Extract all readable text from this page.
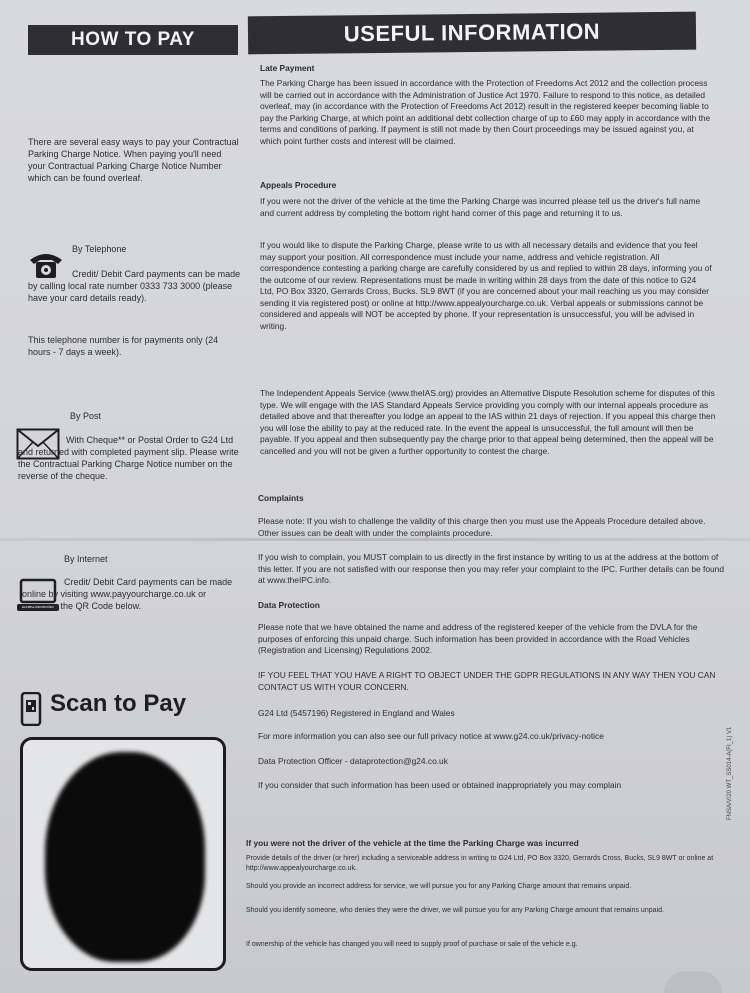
HOW TO PAY	USEFUL INFORMATION
There are several easy ways to pay your Contractual Parking Charge Notice. When paying you'll need your Contractual Parking Charge Notice Number which can be found overleaf.
By Telephone
Credit/ Debit Card payments can be made by calling local rate number 0333 733 3000 (please have your card details ready).
This telephone number is for payments only (24 hours - 7 days a week).
By Post
With Cheque** or Postal Order to G24 Ltd and returned with completed payment slip. Please write the Contractual Parking Charge Notice number on the reverse of the cheque.
By Internet
Credit/ Debit Card payments can be made online by visiting www.payyourcharge.co.uk or scanning the QR Code below.
Scan to Pay
Late Payment
The Parking Charge has been issued in accordance with the Protection of Freedoms Act 2012 and the collection process will be carried out in accordance with the Administration of Justice Act 1970. Failure to respond to this notice, as detailed overleaf, may (in accordance with the Protection of Freedoms Act 2012) result in the registered keeper becoming liable to pay the Parking Charge, at which point an additional debt collection charge of up to £60 may apply in accordance with the terms and conditions of parking. If payment is still not made by then Court proceedings may be issued against you, at which point further costs and interest will be claimed.
Appeals Procedure
If you were not the driver of the vehicle at the time the Parking Charge was incurred please tell us the driver's full name and current address by completing the bottom right hand corner of this page and returning it to us.
If you would like to dispute the Parking Charge, please write to us with all necessary details and evidence that you feel may support your position. All correspondence must include your name, address and vehicle registration. All correspondence contesting a parking charge are carefully considered by us and replied to within 28 days, informing you of the outcome of our review. Representations must be made in writing within 28 days from the date of this notice to G24 Ltd, PO Box 3320, Gerrards Cross, Bucks. SL9 8WT (if you are concerned about your mail reaching us you may consider sending it via registered post) or online at http://www.appealyourcharge.co.uk. Verbal appeals or submissions cannot be considered and appeals will NOT be accepted by phone. If your representation is unsuccessful, you will be advised in writing.
The Independent Appeals Service (www.theIAS.org) provides an Alternative Dispute Resolution scheme for disputes of this type. We will engage with the IAS Standard Appeals Service providing you comply with our internal appeals procedure as detailed above and that thereafter you lodge an appeal to the IAS within 21 days of rejection. If you appeal this charge then you will lose the ability to pay at the reduced rate. In the event the appeal is unsuccessful, the full amount will then be payable. If you appeal and then subsequently pay the charge prior to that appeal being determined, then the appeal will be cancelled and you will not be given a further opportunity to contest the charge.
Complaints
Please note: If you wish to challenge the validity of this charge then you must use the Appeals Procedure detailed above. Other issues can be dealt with under the complaints procedure.
If you wish to complain, you MUST complain to us directly in the first instance by writing to us at the address at the bottom of this letter. If you are not satisfied with our response then you may refer your complaint to the IPC. Further details can be found at www.theIPC.info.
Data Protection
Please note that we have obtained the name and address of the registered keeper of the vehicle from the DVLA for the purposes of enforcing this unpaid charge. Such information has been provided in accordance with the Road Vehicles (Registration and Licensing) Regulations 2002.
IF YOU FEEL THAT YOU HAVE A RIGHT TO OBJECT UNDER THE GDPR REGULATIONS IN ANY WAY THEN YOU CAN CONTACT US WITH YOUR CONCERN.
G24 Ltd (5457196) Registered in England and Wales
For more information you can also see our full privacy notice at www.g24.co.uk/privacy-notice
Data Protection Officer - dataprotection@g24.co.uk
If you consider that such information has been used or obtained inappropriately you may complain
If you were not the driver of the vehicle at the time the Parking Charge was incurred
Provide details of the driver (or hirer) including a serviceable address in writing to G24 Ltd, PO Box 3320, Gerrards Cross, Bucks, SL9 8WT or online at http://www.appealyourcharge.co.uk.
Should you provide an incorrect address for service, we will pursue you for any Parking Charge amount that remains unpaid.
Should you identify someone, who denies they were the driver, we will pursue you for any Parking Charge amount that remains unpaid.
If ownership of the vehicle has changed you will need to supply proof of purchase or sale of the vehicle e.g.
FNSA/V/20 WT_SS014-A(FI_1) V1
